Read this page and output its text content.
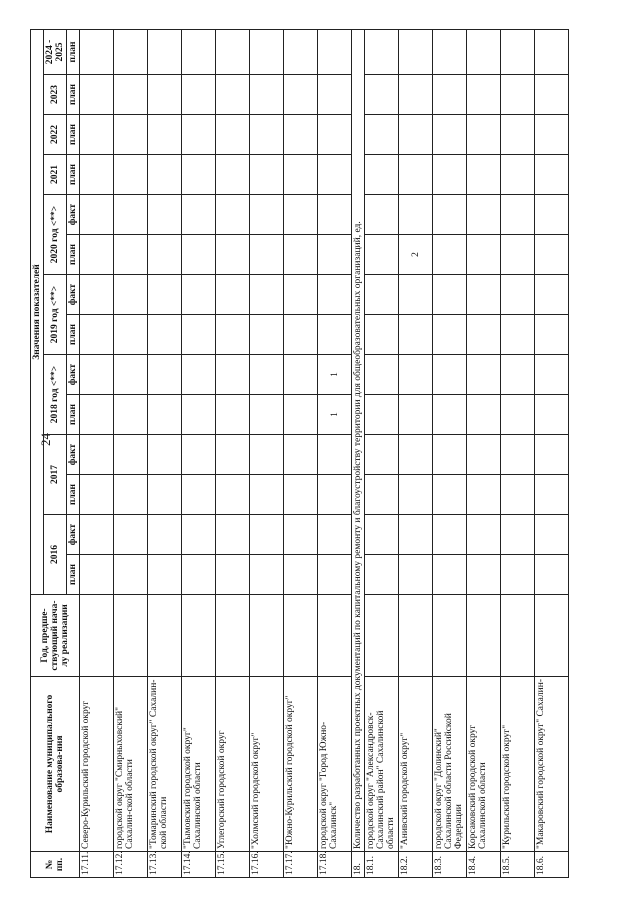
24
№ пп.	Наименование муниципального образова-ния	Год, предше-ствующий нача-лу реализации	Значения показателей													
			2016		2017		2018 год <**>		2019 год <**>		2020 год <**>		2021	2022	2023	2024 - 2025
			план	факт	план	факт	план	факт	план	факт	план	факт	план	план	план	план
17.11.	Северо-Курильский городской округ															
17.12.	городской округ "Смирныховский" Сахалин-ской области															
17.13.	"Томаринский городской округ" Сахалин-ской области															
17.14.	"Тымовский городской округ" Сахалинской области															
17.15.	Углегорский городской округ															
17.16.	"Холмский городской округ"															
17.17.	"Южно-Курильский городской округ"															
17.18.	городской округ "Город Южно-Сахалинск"						1	1								
18.	Количество разработанных проектных документаций по капитальному ремонту и благоустройству территории для общеобразовательных организаций, ед.															
18.1.	городской округ "Александровск-Сахалинский район" Сахалинской области															
18.2.	"Анивский городской округ"										2					
18.3.	городской округ "Долинский" Сахалинской области Российской Федерации															
18.4.	Корсаковский городской округ Сахалинской области															
18.5.	"Курильский городской округ"															
18.6.	"Макаровский городской округ" Сахалин-															
